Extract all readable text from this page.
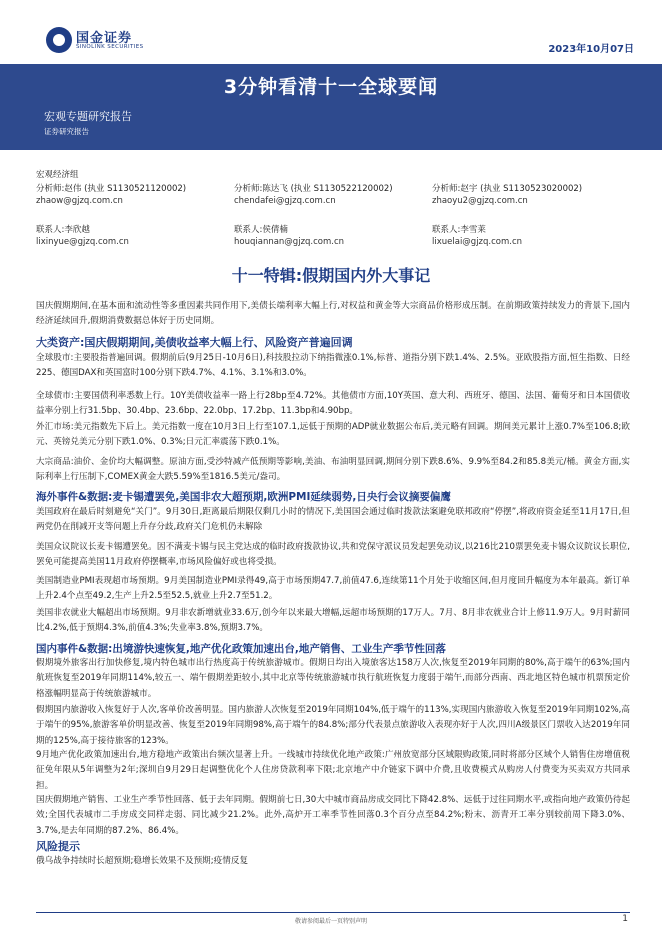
国金证券
SINOLINK SECURITIES	2023年10月07日
3分钟看清十一全球要闻
宏观专题研究报告
证券研究报告
宏观经济组
分析师:赵伟 (执业 S1130521120002)
zhaow@gjzq.com.cn
分析师:陈达飞 (执业 S1130522120002)
chendafei@gjzq.com.cn
分析师:赵宇 (执业 S1130523020002)
zhaoyu2@gjzq.com.cn
联系人:李欣越
lixinyue@gjzq.com.cn
联系人:侯倩楠
houqiannan@gjzq.com.cn
联系人:李雪莱
lixuelai@gjzq.com.cn
十一特辑:假期国内外大事记
国庆假期期间,在基本面和流动性等多重因素共同作用下,美债长端利率大幅上行,对权益和黄金等大宗商品价格形成压制。在前期政策持续发力的背景下,国内经济延续回升,假期消费数据总体好于历史同期。
大类资产:国庆假期期间,美债收益率大幅上行、风险资产普遍回调
全球股市:主要股指普遍回调。假期前后(9月25日-10月6日),科技股拉动下纳指微涨0.1%,标普、道指分别下跌1.4%、2.5%。亚欧股指方面,恒生指数、日经225、德国DAX和英国富时100分别下跌4.7%、4.1%、3.1%和3.0%。
全球债市:主要国债利率悉数上行。10Y美债收益率一路上行28bp至4.72%。其他债市方面,10Y英国、意大利、西班牙、德国、法国、葡萄牙和日本国债收益率分别上行31.5bp、30.4bp、23.6bp、22.0bp、17.2bp、11.3bp和4.90bp。
外汇市场:美元指数先下后上。美元指数一度在10月3日上行至107.1,远低于预期的ADP就业数据公布后,美元略有回调。期间美元累计上涨0.7%至106.8;欧元、英镑兑美元分别下跌1.0%、0.3%;日元汇率震荡下跌0.1%。
大宗商品:油价、金价均大幅调整。原油方面,受沙特减产低预期等影响,美油、布油明显回调,期间分别下跌8.6%、9.9%至84.2和85.8美元/桶。黄金方面,实际利率上行压制下,COMEX黄金大跌5.59%至1816.5美元/盎司。
海外事件&数据:麦卡锡遭罢免,美国非农大超预期,欧洲PMI延续弱势,日央行会议摘要偏鹰
美国政府在最后时刻避免“关门”。9月30日,距离最后期限仅剩几小时的情况下,美国国会通过临时拨款法案避免联邦政府“停摆”,将政府资金延至11月17日,但两党仍在削减开支等问题上升存分歧,政府关门危机仍未解除
美国众议院议长麦卡锡遭罢免。因不满麦卡锡与民主党达成的临时政府拨款协议,共和党保守派议员发起罢免动议,以216比210票罢免麦卡锡众议院议长职位,罢免可能提高美国11月政府停摆概率,市场风险偏好或也将受损。
美国制造业PMI表现超市场预期。9月美国制造业PMI录得49,高于市场预期47.7,前值47.6,连续第11个月处于收缩区间,但月度回升幅度为本年最高。新订单上升2.4个点至49.2,生产上升2.5至52.5,就业上升2.7至51.2。
美国非农就业大幅超出市场预期。9月非农新增就业33.6万,创今年以来最大增幅,远超市场预期的17万人。7月、8月非农就业合计上修11.9万人。9月时薪同比4.2%,低于预期4.3%,前值4.3%;失业率3.8%,预期3.7%。
国内事件&数据:出境游快速恢复,地产优化政策加速出台,地产销售、工业生产季节性回落
假期境外旅客出行加快修复,境内特色城市出行热度高于传统旅游城市。假期日均出入境旅客达158万人次,恢复至2019年同期的80%,高于端午的63%;国内航班恢复至2019年同期114%,较五一、端午假期差距较小,其中北京等传统旅游城市执行航班恢复力度弱于端午,而部分西南、西北地区特色城市机票预定价格涨幅明显高于传统旅游城市。
假期国内旅游收入恢复好于人次,客单价改善明显。国内旅游人次恢复至2019年同期104%,低于端午的113%,实现国内旅游收入恢复至2019年同期102%,高于端午的95%,旅游客单价明显改善、恢复至2019年同期98%,高于端午的84.8%;部分代表景点旅游收入表现亦好于人次,四川A级景区门票收入达2019年同期的125%,高于接待旅客的123%。
9月地产优化政策加速出台,地方稳地产政策出台频次显著上升。一线城市持续优化地产政策:广州放宽部分区域限购政策,同时将部分区域个人销售住房增值税征免年限从5年调整为2年;深圳自9月29日起调整优化个人住房贷款利率下限;北京地产中介链家下调中介费,且收费模式从购房人付费变为买卖双方共同承担。
国庆假期地产销售、工业生产季节性回落、低于去年同期。假期前七日,30大中城市商品房成交同比下降42.8%、远低于过往同期水平,或指向地产政策仍待起效;全国代表城市二手房成交同样走弱、同比减少21.2%。此外,高炉开工率季节性回落0.3个百分点至84.2%;粉末、沥青开工率分别较前周下降3.0%、3.7%,是去年同期的87.2%、86.4%。
风险提示
俄乌战争持续时长超预期;稳增长效果不及预期;疫情反复
敬请参阅最后一页特别声明	1
